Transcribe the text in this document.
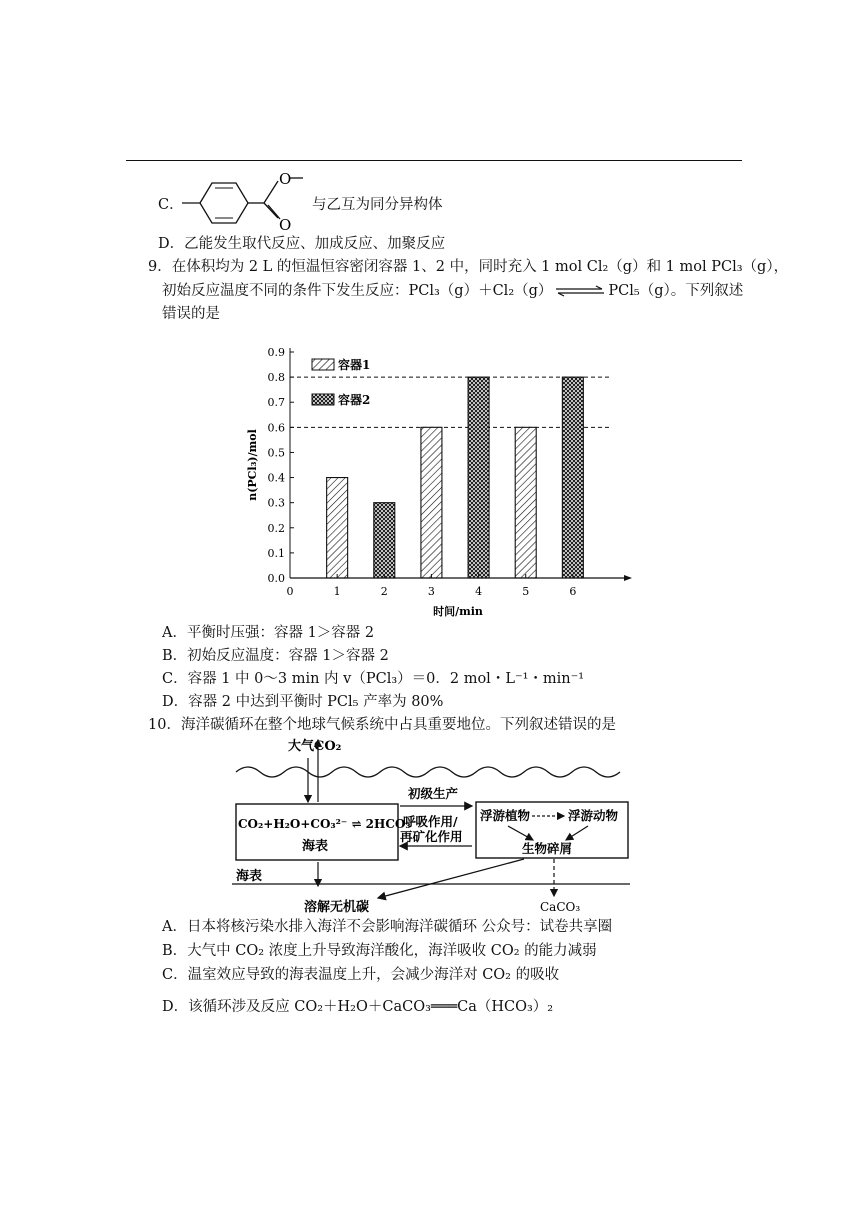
C．
O
O
与乙互为同分异构体
D．乙能发生取代反应、加成反应、加聚反应
9．在体积均为 2 L 的恒温恒容密闭容器 1、2 中，同时充入 1 mol Cl₂（g）和 1 mol PCl₃（g），
初始反应温度不同的条件下发生反应：PCl₃（g）＋Cl₂（g） ⇌ PCl₅（g）。下列叙述
错误的是
0.0
0.1
0.2
0.3
0.4
0.5
0.6
0.7
0.8
0.9
0	1	2	3	4	5	6
容器1
容器2
n(PCl₃)/mol
时间/min
A．平衡时压强：容器 1＞容器 2
B．初始反应温度：容器 1＞容器 2
C．容器 1 中 0～3 min 内 v（PCl₃）＝0．2 mol・L⁻¹・min⁻¹
D．容器 2 中达到平衡时 PCl₅ 产率为 80%
10．海洋碳循环在整个地球气候系统中占具重要地位。下列叙述错误的是
大气CO₂
CO₂+H₂O+CO₃²⁻ ⇌ 2HCO₃⁻
海表
初级生产
呼吸作用/
再矿化作用
浮游植物	浮游动物
生物碎屑
海表
溶解无机碳	CaCO₃
A．日本将核污染水排入海洋不会影响海洋碳循环 公众号：试卷共享圈
B．大气中 CO₂ 浓度上升导致海洋酸化，海洋吸收 CO₂ 的能力减弱
C．温室效应导致的海表温度上升，会减少海洋对 CO₂ 的吸收
D．该循环涉及反应 CO₂＋H₂O＋CaCO₃═══Ca（HCO₃）₂
